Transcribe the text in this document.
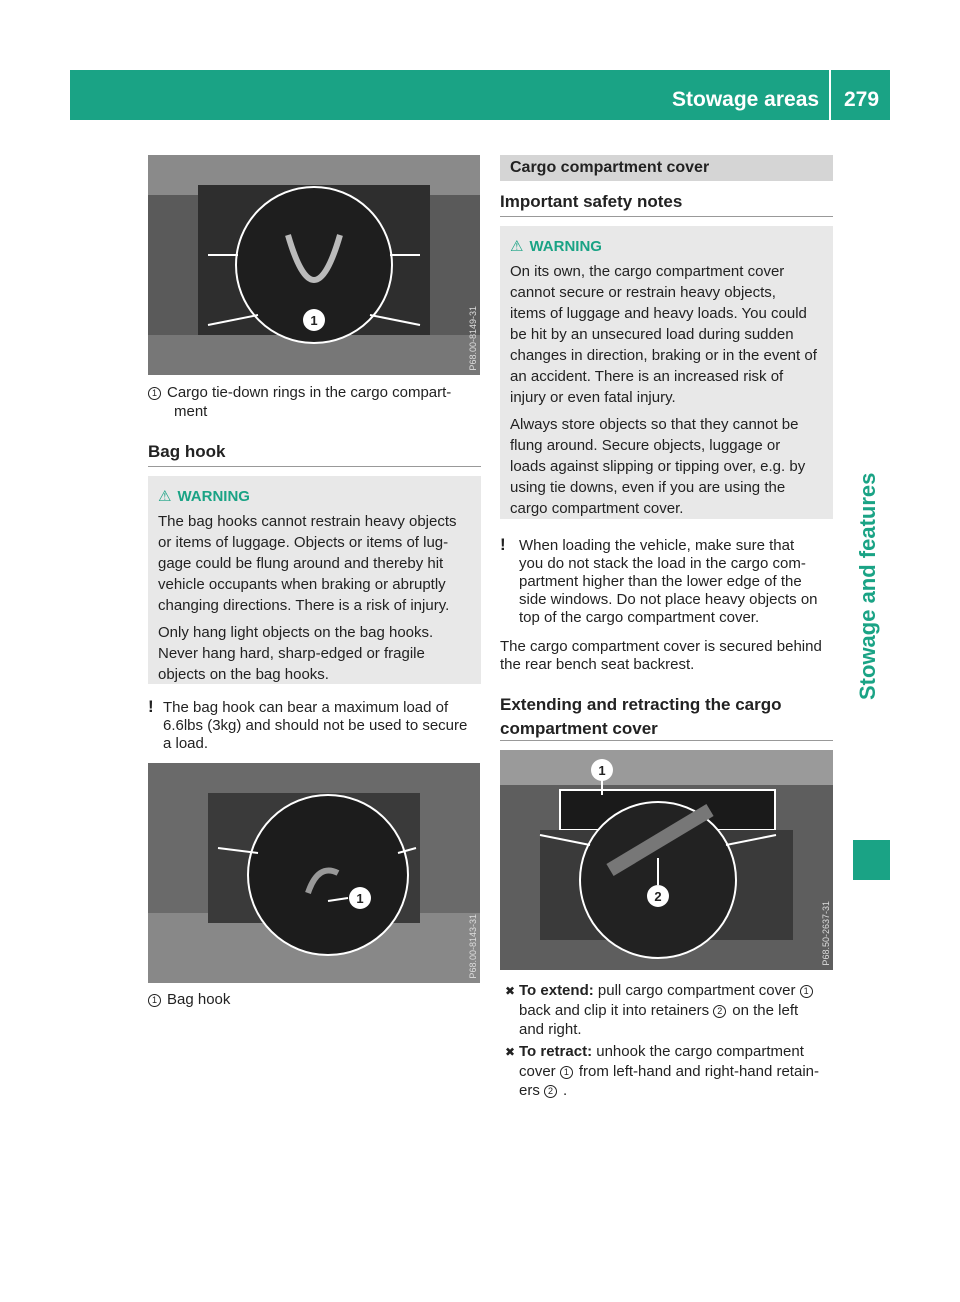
Stowage areas 279
Stowage and features
1	P68.00-8149-31
1 Cargo tie-down rings in the cargo compart-
ment
Bag hook
⚠ WARNING
The bag hooks cannot restrain heavy objects
or items of luggage. Objects or items of lug-
gage could be flung around and thereby hit
vehicle occupants when braking or abruptly
changing directions. There is a risk of injury.
Only hang light objects on the bag hooks.
Never hang hard, sharp-edged or fragile
objects on the bag hooks.
! The bag hook can bear a maximum load of
6.6lbs (3kg) and should not be used to secure
a load.
1
P68.00-8143-31
1 Bag hook
Cargo compartment cover
Important safety notes
⚠ WARNING
On its own, the cargo compartment cover
cannot secure or restrain heavy objects,
items of luggage and heavy loads. You could
be hit by an unsecured load during sudden
changes in direction, braking or in the event of
an accident. There is an increased risk of
injury or even fatal injury.
Always store objects so that they cannot be
flung around. Secure objects, luggage or
loads against slipping or tipping over, e.g. by
using tie downs, even if you are using the
cargo compartment cover.
! When loading the vehicle, make sure that
you do not stack the load in the cargo com-
partment higher than the lower edge of the
side windows. Do not place heavy objects on
top of the cargo compartment cover.
The cargo compartment cover is secured behind
the rear bench seat backrest.
Extending and retracting the cargo
compartment cover
1
2
P68.50-2637-31
✖ To extend: pull cargo compartment cover 1
back and clip it into retainers 2 on the left
and right.
✖ To retract: unhook the cargo compartment
cover 1 from left-hand and right-hand retain-
ers 2 .
